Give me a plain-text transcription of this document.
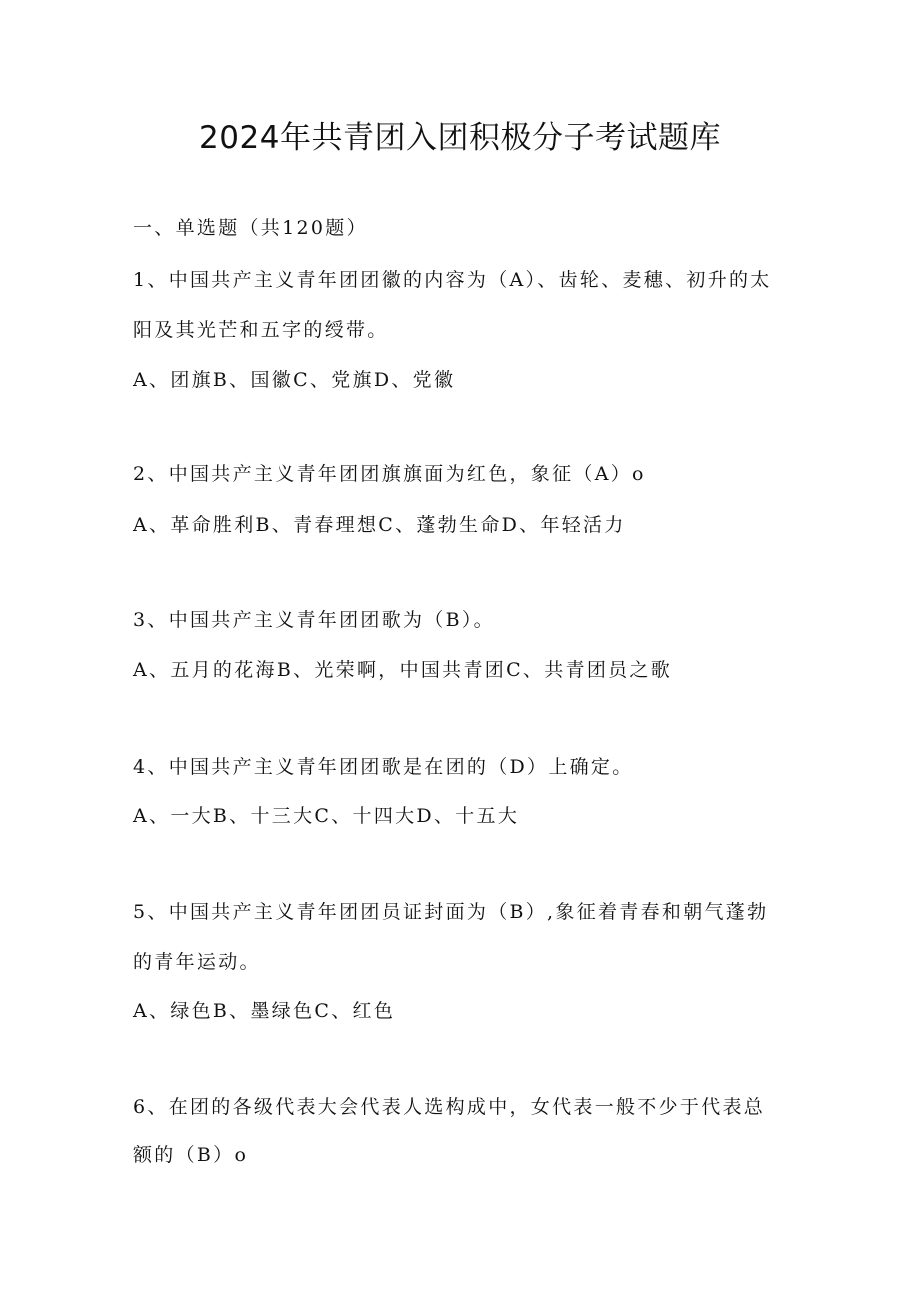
2024年共青团入团积极分子考试题库
一、单选题（共120题）
1、中国共产主义青年团团徽的内容为（A）、齿轮、麦穗、初升的太
阳及其光芒和五字的绶带。
A、团旗B、国徽C、党旗D、党徽
2、中国共产主义青年团团旗旗面为红色，象征（A）o
A、革命胜利B、青春理想C、蓬勃生命D、年轻活力
3、中国共产主义青年团团歌为（B）。
A、五月的花海B、光荣啊，中国共青团C、共青团员之歌
4、中国共产主义青年团团歌是在团的（D）上确定。
A、一大B、十三大C、十四大D、十五大
5、中国共产主义青年团团员证封面为（B）,象征着青春和朝气蓬勃
的青年运动。
A、绿色B、墨绿色C、红色
6、在团的各级代表大会代表人选构成中，女代表一般不少于代表总
额的（B）o
